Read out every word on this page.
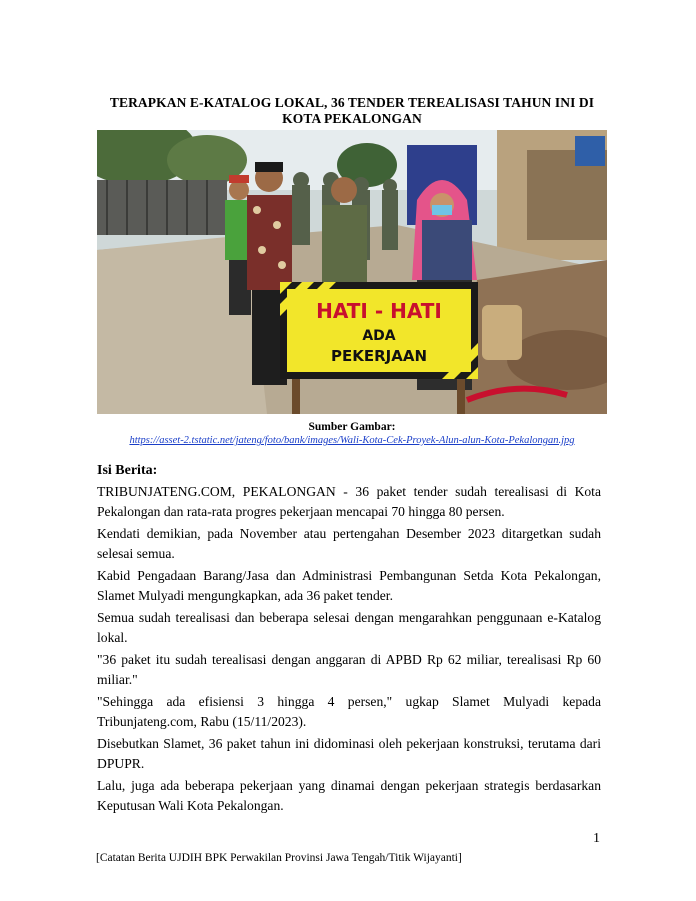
TERAPKAN E-KATALOG LOKAL, 36 TENDER TEREALISASI TAHUN INI DI KOTA PEKALONGAN
HATI - HATI
ADA
PEKERJAAN
Sumber Gambar:
https://asset-2.tstatic.net/jateng/foto/bank/images/Wali-Kota-Cek-Proyek-Alun-alun-Kota-Pekalongan.jpg
Isi Berita:

TRIBUNJATENG.COM, PEKALONGAN - 36 paket tender sudah terealisasi di Kota Pekalongan dan rata-rata progres pekerjaan mencapai 70 hingga 80 persen.

Kendati demikian, pada November atau pertengahan Desember 2023 ditargetkan sudah selesai semua.

Kabid Pengadaan Barang/Jasa dan Administrasi Pembangunan Setda Kota Pekalongan, Slamet Mulyadi mengungkapkan, ada 36 paket tender.

Semua sudah terealisasi dan beberapa selesai dengan mengarahkan penggunaan e-Katalog lokal.

"36 paket itu sudah terealisasi dengan anggaran di APBD Rp 62 miliar, terealisasi Rp 60 miliar."

"Sehingga ada efisiensi 3 hingga 4 persen," ugkap Slamet Mulyadi kepada Tribunjateng.com, Rabu (15/11/2023).

Disebutkan Slamet, 36 paket tahun ini didominasi oleh pekerjaan konstruksi, terutama dari DPUPR.

Lalu, juga ada beberapa pekerjaan yang dinamai dengan pekerjaan strategis berdasarkan Keputusan Wali Kota Pekalongan.

1
[Catatan Berita UJDIH BPK Perwakilan Provinsi Jawa Tengah/Titik Wijayanti]
